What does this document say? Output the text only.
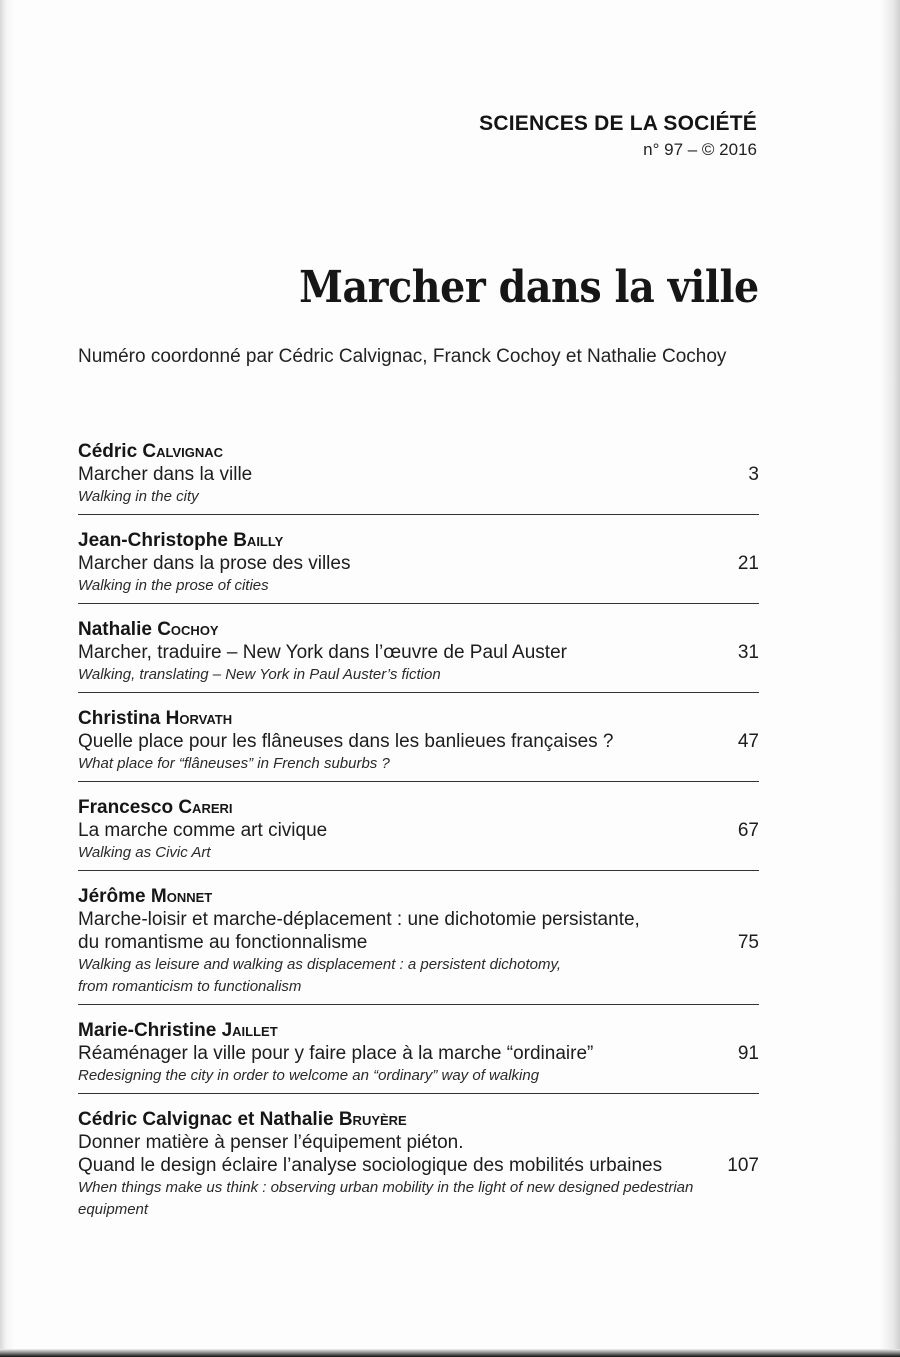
SCIENCES DE LA SOCIÉTÉ
n° 97 – © 2016
Marcher dans la ville
Numéro coordonné par Cédric Calvignac, Franck Cochoy et Nathalie Cochoy
Cédric Calvignac
Marcher dans la ville	3
Walking in the city
Jean-Christophe Bailly
Marcher dans la prose des villes	21
Walking in the prose of cities
Nathalie Cochoy
Marcher, traduire – New York dans l’œuvre de Paul Auster	31
Walking, translating – New York in Paul Auster’s fiction
Christina Horvath
Quelle place pour les flâneuses dans les banlieues françaises ?	47
What place for “flâneuses” in French suburbs ?
Francesco Careri
La marche comme art civique	67
Walking as Civic Art
Jérôme Monnet
Marche-loisir et marche-déplacement : une dichotomie persistante,
du romantisme au fonctionnalisme	75
Walking as leisure and walking as displacement : a persistent dichotomy,
from romanticism to functionalism
Marie-Christine Jaillet
Réaménager la ville pour y faire place à la marche “ordinaire”	91
Redesigning the city in order to welcome an “ordinary” way of walking
Cédric Calvignac et Nathalie Bruyère
Donner matière à penser l’équipement piéton.
Quand le design éclaire l’analyse sociologique des mobilités urbaines	107
When things make us think : observing urban mobility in the light of new designed pedestrian equipment
